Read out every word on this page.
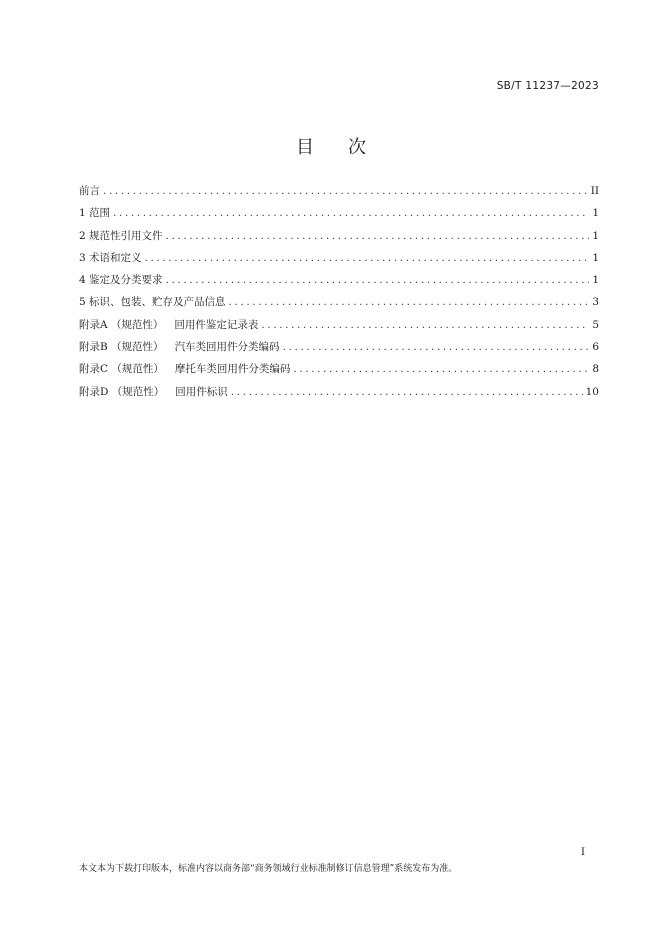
SB/T 11237—2023
目次
前言 .....	II
1 范围 .....	1
2 规范性引用文件 .....	1
3 术语和定义 .....	1
4 鉴定及分类要求 .....	1
5 标识、包装、贮存及产品信息 .....	3
附录A （规范性） 回用件鉴定记录表 .....	5
附录B （规范性） 汽车类回用件分类编码 .....	6
附录C （规范性） 摩托车类回用件分类编码 .....	8
附录D （规范性） 回用件标识 .....	10
I
本文本为下载打印版本，标准内容以商务部“商务领域行业标准制修订信息管理”系统发布为准。
